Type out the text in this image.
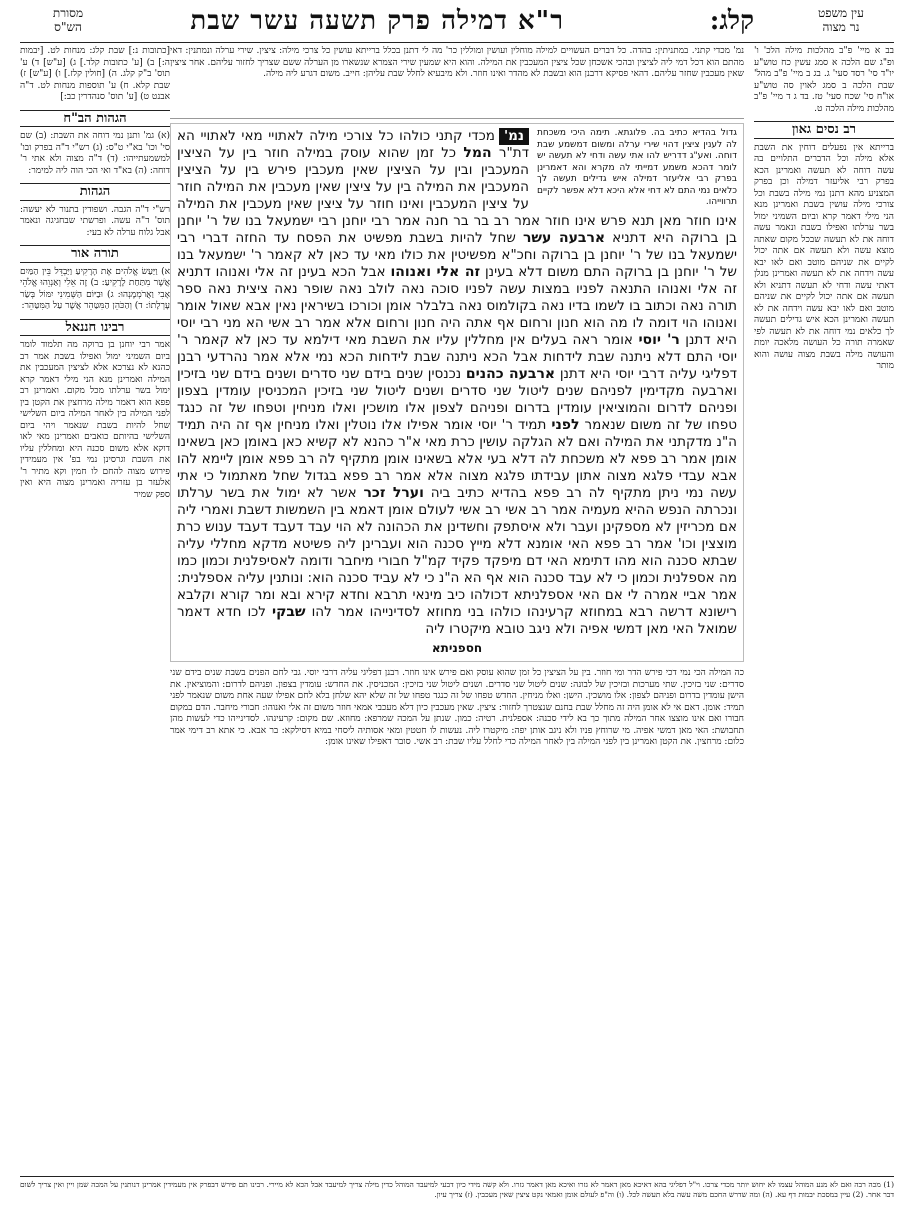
עין משפט
נר מצוה
קלג:
ר"א דמילה פרק תשעה עשר שבת
מסורת
הש"ס

בב א מיי' פ"ב מהלכות מילה הלכ' ו' ופ"ג שם הלכה א סמג עשין כח טוש"ע יו"ד סי' רסד סעי' ג. בג ב מיי' פ"ב מהל' שבת הלכה ב סמג לאוין סה טוש"ע או"ח סי' שכח סעי' טז. בד ג ד מיי' פ"ב מהלכות מילה הלכה ט.

רב נסים גאון

ברייתא אין נפעלים דוחין את השבת אלא מילה וכל הדברים התלויים בה עשה דוחה לא תעשה ואמרינן הכא בפרק רבי אליעזר דמילה וכן בפרק המצניע מהא דתנן נמי מילה בשבת וכל צורכי מילה עושין בשבת ואמרינן מנא הני מילי דאמר קרא וביום השמיני ימול בשר ערלתו ואפילו בשבת ונאמר עשה דוחה את לא תעשה שבכל מקום שאתה מוצא עשה ולא תעשה אם אתה יכול לקיים את שניהם מוטב ואם לאו יבא עשה וידחה את לא תעשה ואמרינן מנלן דאתי עשה ודחי לא תעשה דתניא ולא תעשה אם אתה יכול לקיים את שניהם מוטב ואם לאו יבא עשה וידחה את לא תעשה ואמרינן הכא איש גדילים תעשה לך כלאים נמי דוחה את לא תעשה לפי שאמרה תורה כל העושה מלאכה יומת והעושה מילה בשבת מצוה עושה והוא מותר

נמ' מכדי קתני. במתניתין: בהדה. כל דברים העשויים למילה מוחלין ועושין ומוללין כר' מה לי דתנן בכלל ברייתא עושין כל צרכי מילה: ציצין. שירי ערלה ונמתנין: דאי מהתם הוא דכל דמי ליה לציצין ובהכי אשכחן שכל ציצין המעכבין את המילה. והוא היא שמעין שירי הצמרא שנשארו מן הערלה ששם שצריך לחזור עליהם. אחר ציצין שאין מעכבין שחזר עליהם. דהאי פסיקא דרבנן הוא ובשבת לא מהדר ואינו חוזר. ולא מיבעיא לחלל שבת עליהן: חייב. משום דגרע ליה מילה.
גדול בהדיא כתיב בה. פלוגתא. תימה היכי משכחת לה לענין ציצין דהוי שירי ערלה ומשום דמשמע שבת דוחה. ואע"ג דדריש להו אתי עשה ודחי לא תעשה יש לומר דהכא משמע דמייתי לה מקרא והא דאמרינן בפרק רבי אליעזר דמילה איש גדילים תעשה לך כלאים נמי התם לא דחי אלא היכא דלא אפשר לקיים תרווייהו.
נמ'מכדי קתני כולהו כל צורכי מילה לאתויי מאי לאתויי הא דת"ר המל כל זמן שהוא עוסק במילה חוזר בין על הציצין המעכבין ובין על הציצין שאין מעכבין פירש בין על הציצין המעכבין את המילה בין על ציצין שאין מעכבין את המילה חוזר על ציצין המעכבין ואינו חוזר על ציצין שאין מעכבין את המילה אינו חוזר מאן תנא פרש אינו חוזר אמר רב בר בר חנה אמר רבי יוחנן רבי ישמעאל בנו של ר' יוחנן בן ברוקה היא דתניא ארבעה עשר שחל להיות בשבת מפשיט את הפסח עד החזה דברי רבי ישמעאל בנו של ר' יוחנן בן ברוקה וחכ"א מפשיטין את כולו מאי עד כאן לא קאמר ר' ישמעאל בנו של ר' יוחנן בן ברוקה התם משום דלא בעינן זה אלי ואנוהו אבל הכא בעינן זה אלי ואנוהו דתניא זה אלי ואנוהו התנאה לפניו במצות עשה לפניו סוכה נאה לולב נאה שופר נאה ציצית נאה ספר תורה נאה וכתוב בו לשמו בדיו נאה בקולמוס נאה בלבלר אומן וכורכו בשיראין נאין אבא שאול אומר ואנוהו הוי דומה לו מה הוא חנון ורחום אף אתה היה חנון ורחום אלא אמר רב אשי הא מני רבי יוסי היא דתנן ר' יוסי אומר ראה בעלים אין מחללין עליו את השבת מאי דילמא עד כאן לא קאמר ר' יוסי התם דלא ניתנה שבת לידחות אבל הכא ניתנה שבת לידחות הכא נמי אלא אמר נהרדעי רבנן דפליגי עליה דרבי יוסי היא דתנן ארבעה כהנים נכנסין שנים בידם שני סדרים ושנים בידם שני בזיכין וארבעה מקדימין לפניהם שנים ליטול שני סדרים ושנים ליטול שני בזיכין המכניסין עומדין בצפון ופניהם לדרום והמוציאין עומדין בדרום ופניהם לצפון אלו מושכין ואלו מניחין וטפחו של זה כנגד טפחו של זה משום שנאמר לפני תמיד ר' יוסי אומר אפילו אלו נוטלין ואלו מניחין אף זה היה תמיד ה"נ מדקתני את המילה ואם לא הגלקה עושין כרת מאי א"ר כהנא לא קשיא כאן באומן כאן בשאינו אומן אמר רב פפא לא משכחת לה דלא בעי אלא בשאינו אומן מתקיף לה רב פפא אומן ליימא להו אבא עבדי פלגא מצוה אתון עבידתו פלגא מצוה אלא אמר רב פפא בגדול שחל מאתמול כי אתי עשה נמי ניתן מתקיף לה רב פפא בהדיא כתיב ביה וערל זכר אשר לא ימול את בשר ערלתו ונכרתה הנפש ההיא מעמיה אמר רב אשי רב אשי לעולם אומן דאמא בין השמשות דשבת ואמרי ליה אם מכריזין לא מספקינן ועבר ולא איסתפק וחשדינן את הכהונה לא הוי עבד דעבד דעבד ענוש כרת מוצצין וכו' אמר רב פפא האי אומנא דלא מייץ סכנה הוא ועברינן ליה פשיטא מדקא מחללי עליה שבתא סכנה הוא מהו דתימא האי דם מיפקד פקיד קמ"ל חבורי מיחבר ודומה לאסיפלנית וכמון כמו מה אספלנית וכמון כי לא עבד סכנה הוא אף הא ה"נ כי לא עביד סכנה הוא: ונותנין עליה אספלנית: אמר אביי אמרה לי אם האי אספלניתא דכולהו כיב מינאי תרבא וחדא קירא ובא ומר קורא וקלבא רישונא דרשה רבא במחוזא קרעינהו כולהו בני מחוזא לסדינייהו אמר להו שבקי לכו חדא דאמר שמואל האי מאן דמשי אפיה ולא ניגב טובא מיקטרו ליה
חספניתא
כה המילה הכי נמי דכי פירש הדר ומי חוזר. בין על הציצין כל זמן שהוא עוסק ואם פירש אינו חוזר. רבנן דפליגי עליה דרבי יוסי. גבי לחם הפנים בשבת שנים בידם שני סדרים: שני בזיכין. שתי מערכות ובזיכין של לבונה: שנים ליטול שני סדרים. ושנים ליטול שני בזיכין: המכניסין. את החדש: עומדין בצפון. ופניהם לדרום: והמוציאין. את הישן עומדין בדרום ופניהם לצפון: אלו מושכין. הישן: ואלו מניחין. החדש טפחו של זה כנגד טפחו של זה שלא יהא שלחן בלא לחם אפילו שעה אחת משום שנאמר לפני תמיד: אומן. דאם אי לא אומן היה זה מחלל שבת בחנם שנצטרך לחזור: ציצין. שאין מעכבין כיון דלא מעכבי אמאי חוזר משום זה אלי ואנוהו: חבורי מיחבר. הדם במקום חבורו ואם אינו מוצצו אחר המילה מתוך כך בא לידי סכנה: אספלנית. רטיה: כמון. שנתן על המכה שמרפא: מחוזא. שם מקום: קרעינהו. לסדינייהו כדי לעשות מהן תחבושת: האי מאן דמשי אפיה. מי שרוחץ פניו ולא ניגב אותן יפה: מיקטרו ליה. נעשות לו חטטין ומאי אסותיה ליסחי במיא דסילקא: בר אבא. כי אתא רב דימי אמר כלום: מרחצין. את הקטן ואמרינן בין לפני המילה בין לאחר המילה כדי לחלל עליו שבת: רב אשי. סובר דאפילו שאינו אומן:

[כתובות נ:] שבת קלג: מנחות לט. [יבמות ה:] ב) [ע' כתובות קלד.] ג) [ע"ש] ד) ע' תוס' ב"ק קלג. ה) [חולין קלז.] ו) [ע"ש] ז) שבת קלא. ח) ע' תוספות מנחות לט. ד"ה אבנט ט) [ע' תוס' סנהדרין כב:]

הגהות הב"ח

(א) גמ' ותנן נמי דוחה את השבת: (ב) שם סי' וכו' בא"י ט"ס: (ג) רש"י ד"ה בפרק ובו' למשמעתייהו: (ד) ד"ה מצוה ולא אתי ר' דוחה: (ה) בא"ד ואי הכי הוה ליה למימר:

הגהות

רש"י ד"ה הגבה. ושפודין בתנור לא יעשה: תוס' ד"ה עשה. ופרשתי שבחגיגה ונאמר אבל גלוח ערלה לא בעי:

תורה אור

א) וַיַּעַשׂ אֱלֹהִים אֶת הָרָקִיעַ וַיַּבְדֵּל בֵּין הַמַּיִם אֲשֶׁר מִתַּחַת לָרָקִיעַ: ב) זֶה אֵלִי וְאַנְוֵהוּ אֱלֹהֵי אָבִי וַאֲרֹמְמֶנְהוּ: ג) וּבַיּוֹם הַשְּׁמִינִי יִמּוֹל בְּשַׂר עָרְלָתוֹ: ד) וְהַכֹּהֵן הַמִּטַּהֵר אֲשֶׁר עַל הַמִּטַּהֵר:

רבינו חננאל

אמר רבי יוחנן בן ברוקה מה תלמוד לומר ביום השמיני ימול ואפילו בשבת אמר רב כהנא לא נצרכא אלא לציצין המעכבין את המילה ואמרינן מנא הני מילי דאמר קרא ימול בשר ערלתו מכל מקום. ואמרינן רב פפא הוא דאמר מילה מרחצין את הקטן בין לפני המילה בין לאחר המילה ביום השלישי שחל להיות בשבת שנאמר ויהי ביום השלישי בהיותם כואבים ואמרינן מאי לאו דוקא אלא משום סכנה היא ומחללין עליו את השבת וגרסינן נמי בפ' אין מעמידין פירוש מצוה להחם לו חמין וקא מתיר ר' אלעזר בן עזריה ואמרינן מצוה היא ואין ספק שמיר

(1) מכה רבה ואם לא מנע המוהל עצמו לא יחוש יותר מכדי צרכו. וי"ל דפליגי בהא דאיכא מאן דאמר לא גזרו ואיכא מאן דאמר גזרו. ולא קשה מידי כיון דבעי למיעבד המוהל כדין מילה צריך למיעבד אבל הכא לא מיירי. רבינו תם פירש דבפרק אין מעמידין אמרינן דנותנין על המכה שמן ויין ואין צריך לשום דבר אחר. (2) עיין במסכת יבמות דף עא. (ה) ומה שדרש החכם משה עשה בלא תעשה לכל. (ו) וה"פ לעולם אומן ואמאי נקט ציצין שאין מעכבין. (ז) צריך עיון.
